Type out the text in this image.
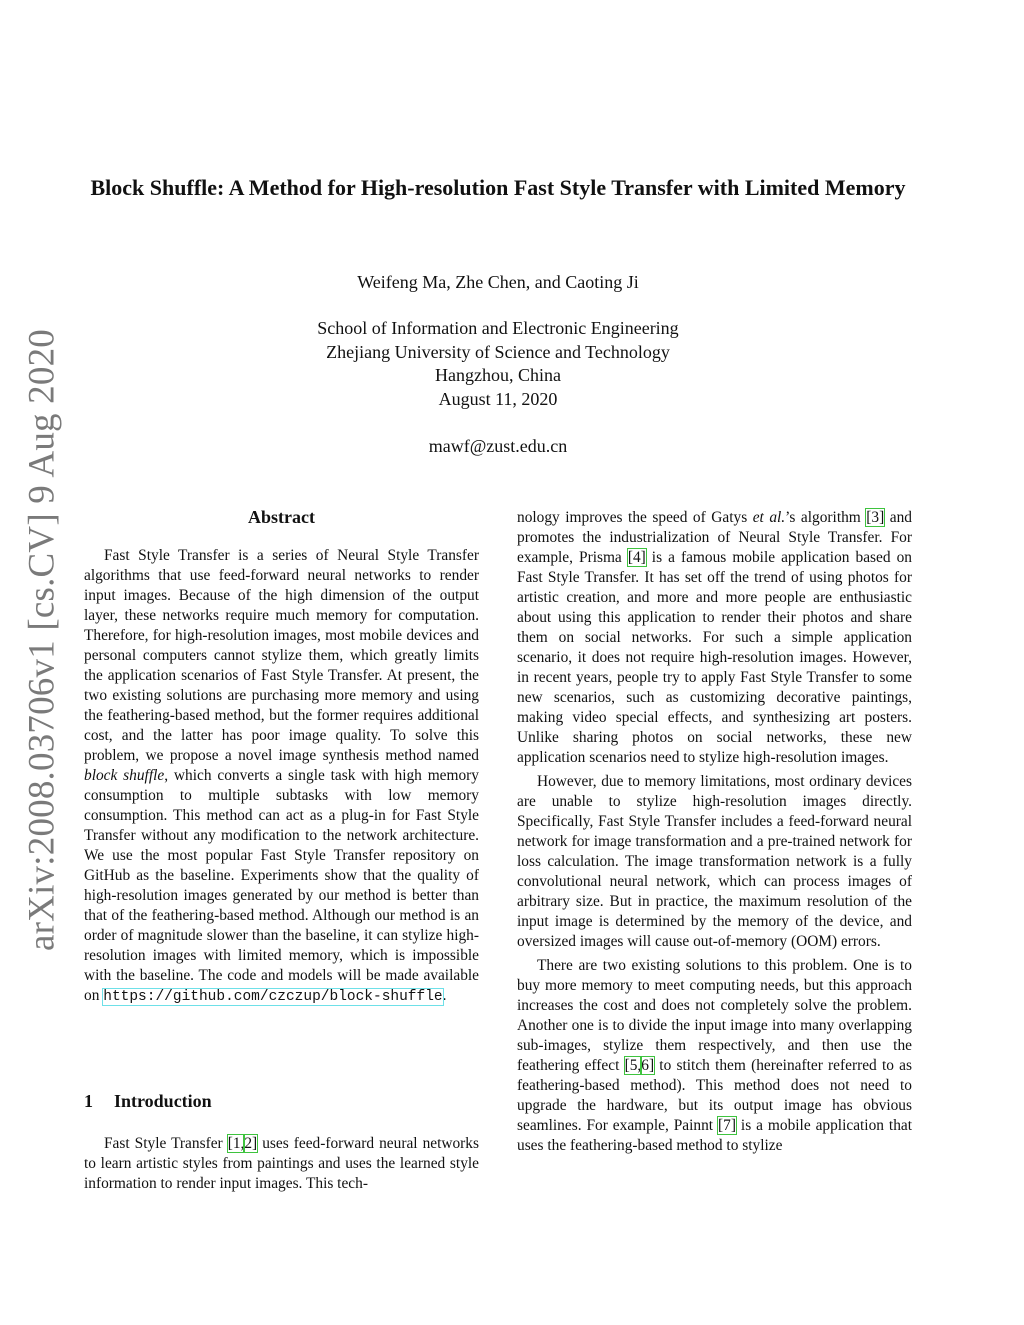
arXiv:2008.03706v1 [cs.CV] 9 Aug 2020
Block Shuffle: A Method for High-resolution Fast Style Transfer with Limited Memory
Weifeng Ma, Zhe Chen, and Caoting Ji
School of Information and Electronic Engineering
Zhejiang University of Science and Technology
Hangzhou, China
August 11, 2020
mawf@zust.edu.cn
Abstract
Fast Style Transfer is a series of Neural Style Transfer algorithms that use feed-forward neural networks to render input images. Because of the high dimension of the output layer, these networks require much memory for computation. Therefore, for high-resolution images, most mobile devices and personal computers cannot stylize them, which greatly limits the application scenarios of Fast Style Transfer. At present, the two existing solutions are purchasing more memory and using the feathering-based method, but the former requires additional cost, and the latter has poor image quality. To solve this problem, we propose a novel image synthesis method named block shuffle, which converts a single task with high memory consumption to multiple subtasks with low memory consumption. This method can act as a plug-in for Fast Style Transfer without any modification to the network architecture. We use the most popular Fast Style Transfer repository on GitHub as the baseline. Experiments show that the quality of high-resolution images generated by our method is better than that of the feathering-based method. Although our method is an order of magnitude slower than the baseline, it can stylize high-resolution images with limited memory, which is impossible with the baseline. The code and models will be made available on https://github.com/czczup/block-shuffle.
1 Introduction
Fast Style Transfer [1,2] uses feed-forward neural networks to learn artistic styles from paintings and uses the learned style information to render input images. This tech-

nology improves the speed of Gatys et al.’s algorithm [3] and promotes the industrialization of Neural Style Transfer. For example, Prisma [4] is a famous mobile application based on Fast Style Transfer. It has set off the trend of using photos for artistic creation, and more and more people are enthusiastic about using this application to render their photos and share them on social networks. For such a simple application scenario, it does not require high-resolution images. However, in recent years, people try to apply Fast Style Transfer to some new scenarios, such as customizing decorative paintings, making video special effects, and synthesizing art posters. Unlike sharing photos on social networks, these new application scenarios need to stylize high-resolution images.

However, due to memory limitations, most ordinary devices are unable to stylize high-resolution images directly. Specifically, Fast Style Transfer includes a feed-forward neural network for image transformation and a pre-trained network for loss calculation. The image transformation network is a fully convolutional neural network, which can process images of arbitrary size. But in practice, the maximum resolution of the input image is determined by the memory of the device, and oversized images will cause out-of-memory (OOM) errors.

There are two existing solutions to this problem. One is to buy more memory to meet computing needs, but this approach increases the cost and does not completely solve the problem. Another one is to divide the input image into many overlapping sub-images, stylize them respectively, and then use the feathering effect [5,6] to stitch them (hereinafter referred to as feathering-based method). This method does not need to upgrade the hardware, but its output image has obvious seamlines. For example, Painnt [7] is a mobile application that uses the feathering-based method to stylize
